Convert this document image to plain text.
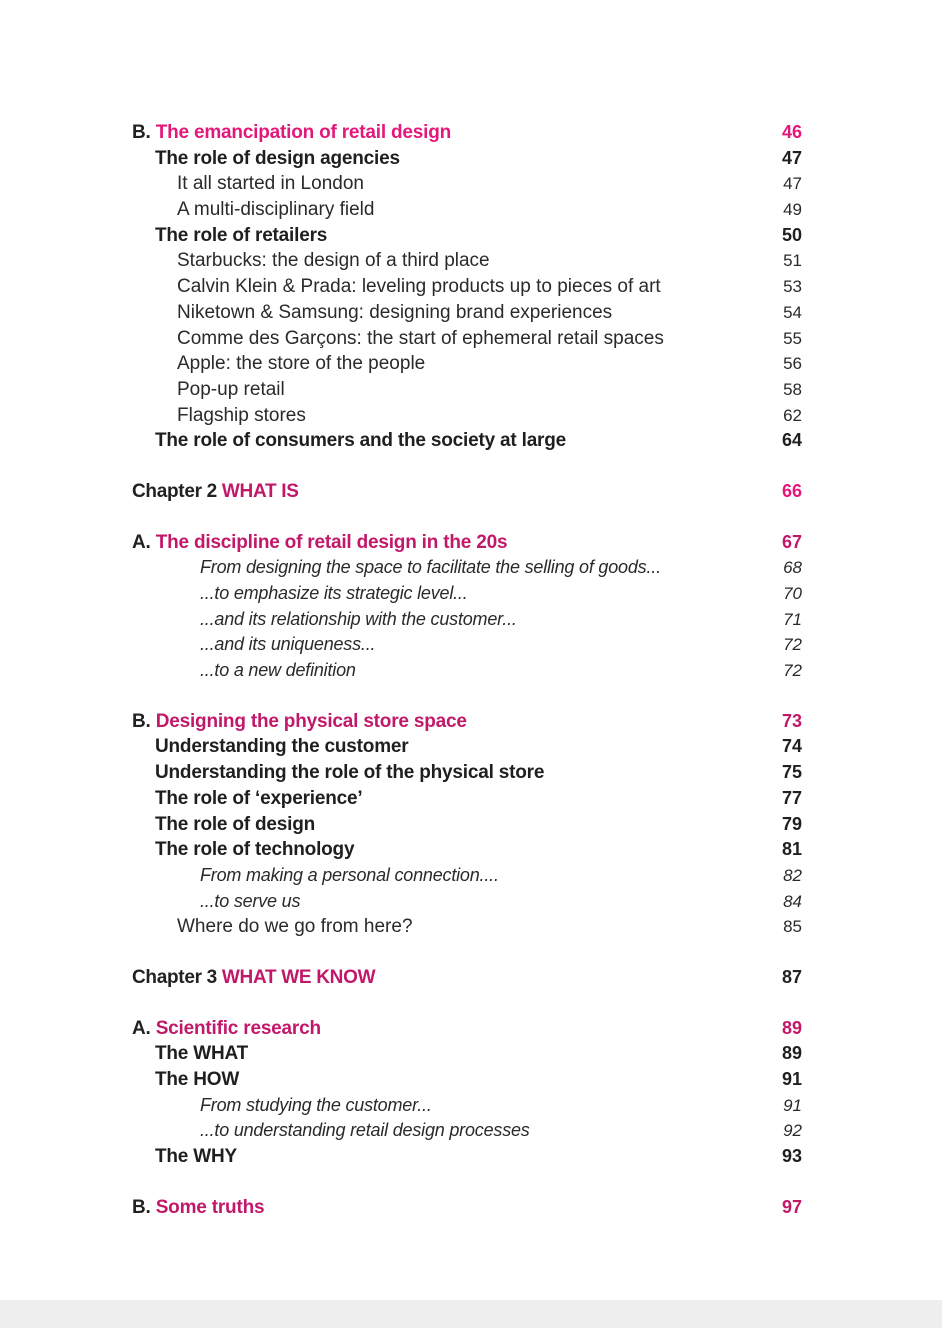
B. The emancipation of retail design	46
The role of design agencies	47
It all started in London	47
A multi-disciplinary field	49
The role of retailers	50
Starbucks: the design of a third place	51
Calvin Klein & Prada: leveling products up to pieces of art	53
Niketown & Samsung: designing brand experiences	54
Comme des Garçons: the start of ephemeral retail spaces	55
Apple: the store of the people	56
Pop-up retail	58
Flagship stores	62
The role of consumers and the society at large	64
Chapter 2 WHAT IS	66
A. The discipline of retail design in the 20s	67
From designing the space to facilitate the selling of goods...	68
...to emphasize its strategic level...	70
...and its relationship with the customer...	71
...and its uniqueness...	72
...to a new definition	72
B. Designing the physical store space	73
Understanding the customer	74
Understanding the role of the physical store	75
The role of ‘experience’	77
The role of design	79
The role of technology	81
From making a personal connection....	82
...to serve us	84
Where do we go from here?	85
Chapter 3 WHAT WE KNOW	87
A. Scientific research	89
The WHAT	89
The HOW	91
From studying the customer...	91
...to understanding retail design processes	92
The WHY	93
B. Some truths	97
